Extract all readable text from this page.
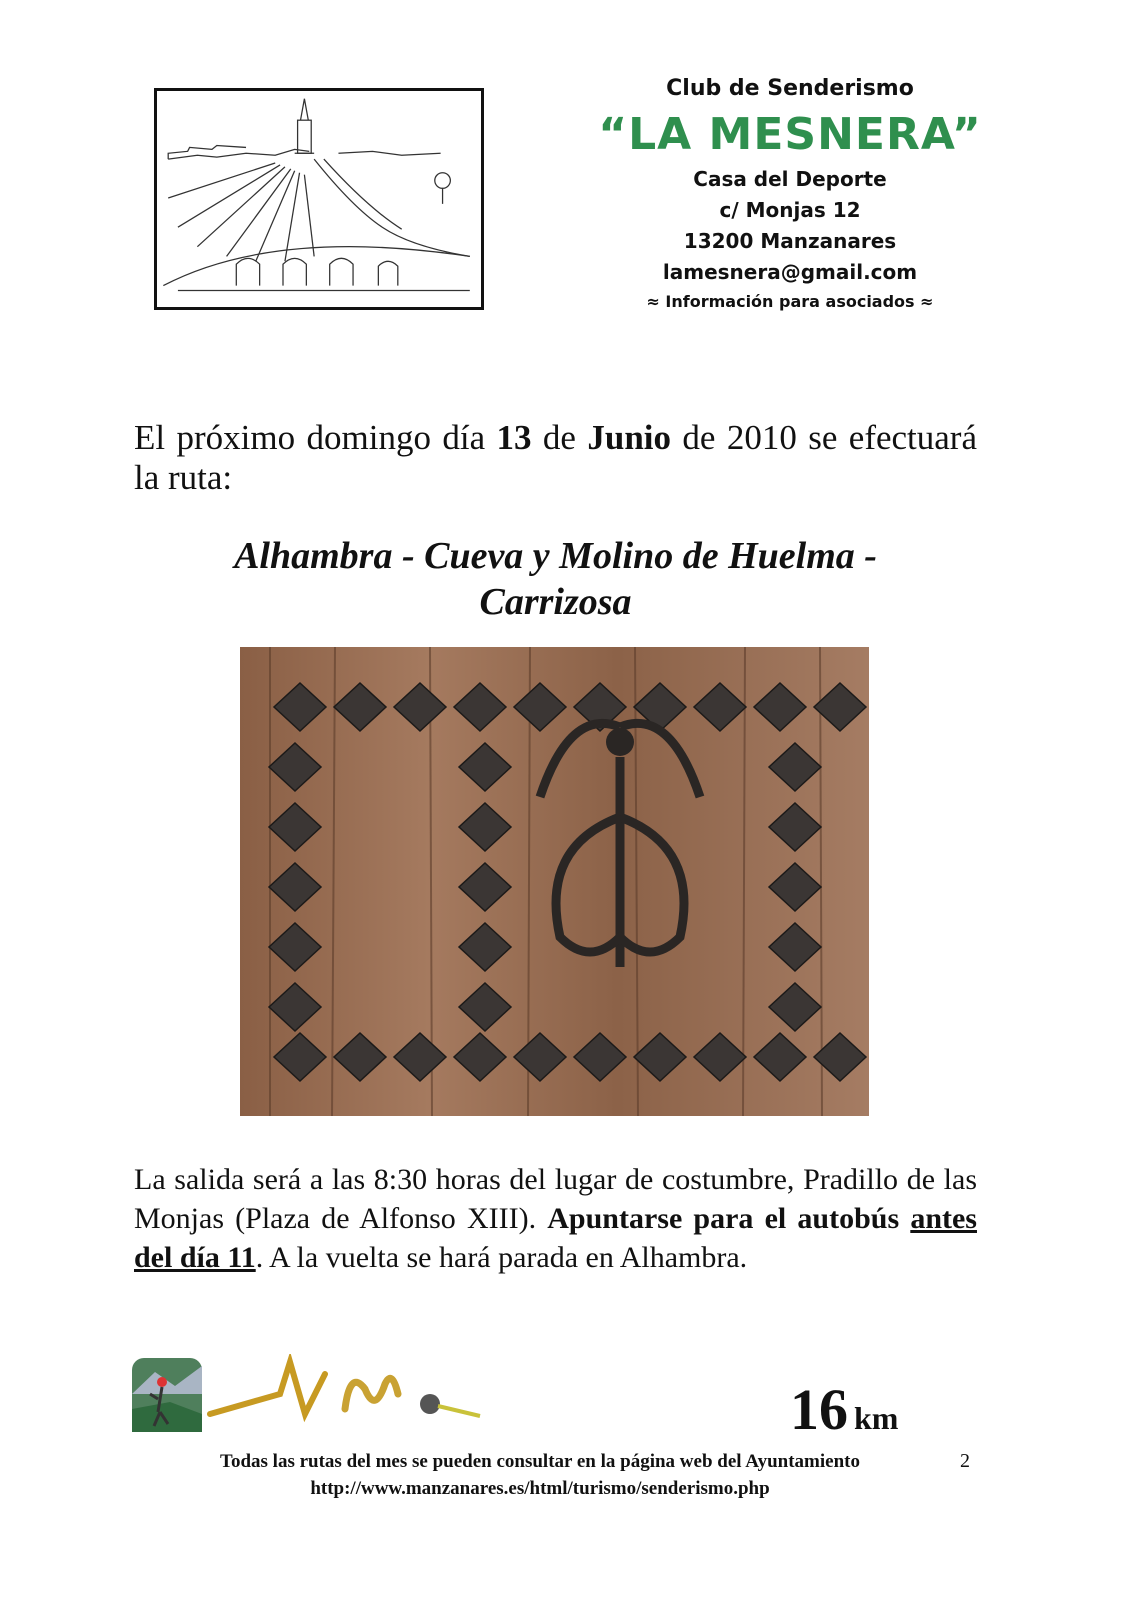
Club de Senderismo
“LA MESNERA”
Casa del Deporte
c/ Monjas 12
13200 Manzanares
lamesnera@gmail.com
≈ Información para asociados ≈
El próximo domingo día 13 de Junio de 2010 se efectuará la ruta:
Alhambra - Cueva y Molino de Huelma -
Carrizosa
La salida será a las 8:30 horas del lugar de costumbre, Pradillo de las Monjas (Plaza de Alfonso XIII). Apuntarse para el autobús antes del día 11. A la vuelta se hará parada en Alhambra.
16 km
Todas las rutas del mes se pueden consultar en la página web del Ayuntamiento
http://www.manzanares.es/html/turismo/senderismo.php
2
